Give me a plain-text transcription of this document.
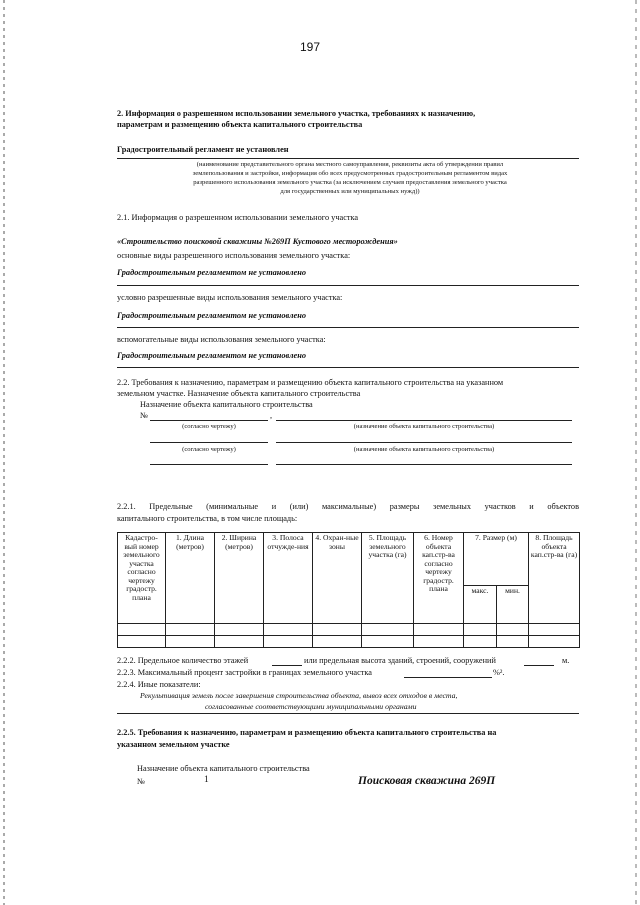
197
2. Информация о разрешенном использовании земельного участка, требованиях к назначению,
параметрам и размещению объекта капитального строительства
Градостроительный регламент не установлен
(наименование представительного органа местного самоуправления, реквизиты акта об утверждении правил
землепользования и застройки, информация обо всех предусмотренных градостроительным регламентом видах
разрешенного использования земельного участка (за исключением случаев предоставления земельного участка
для государственных или муниципальных нужд))
2.1. Информация о разрешенном использовании земельного участка
«Строительство поисковой скважины №269П Кустового месторождения»
основные виды разрешенного использования земельного участка:
Градостроительным регламентом не установлено
условно разрешенные виды использования земельного участка:
Градостроительным регламентом не установлено
вспомогательные виды использования земельного участка:
Градостроительным регламентом не установлено
2.2. Требования к назначению, параметрам и размещению объекта капитального строительства на указанном
земельном участке. Назначение объекта капитального строительства
Назначение объекта капитального строительства
№	,
(согласно чертежу)	(назначение объекта капитального строительства)
(согласно чертежу)	(назначение объекта капитального строительства)
2.2.1. Предельные (минимальные и (или) максимальные) размеры земельных участков и объектов
капитального строительства, в том числе площадь:
Кадастро-вый номер земельного участка согласно чертежу градостр. плана	1. Длина (метров)	2. Ширина (метров)	3. Полоса отчужде-ния	4. Охран-ные зоны	5. Площадь земельного участка (га)	6. Номер объекта кап.стр-ва согласно чертежу градостр. плана	7. Размер (м)		8. Площадь объекта кап.стр-ва (га)
							макс.	мин.	

2.2.2. Предельное количество этажей	или предельная высота зданий, строений, сооружений	м.
2.2.3. Максимальный процент застройки в границах земельного участка	%².
2.2.4. Иные показатели:
Рекультивация земель после завершения строительства объекта, вывоз всех отходов в места,
согласованные соответствующими муниципальными органами
2.2.5. Требования к назначению, параметрам и размещению объекта капитального строительства на
указанном земельном участке
Назначение объекта капитального строительства
№	1	Поисковая скважина 269П
